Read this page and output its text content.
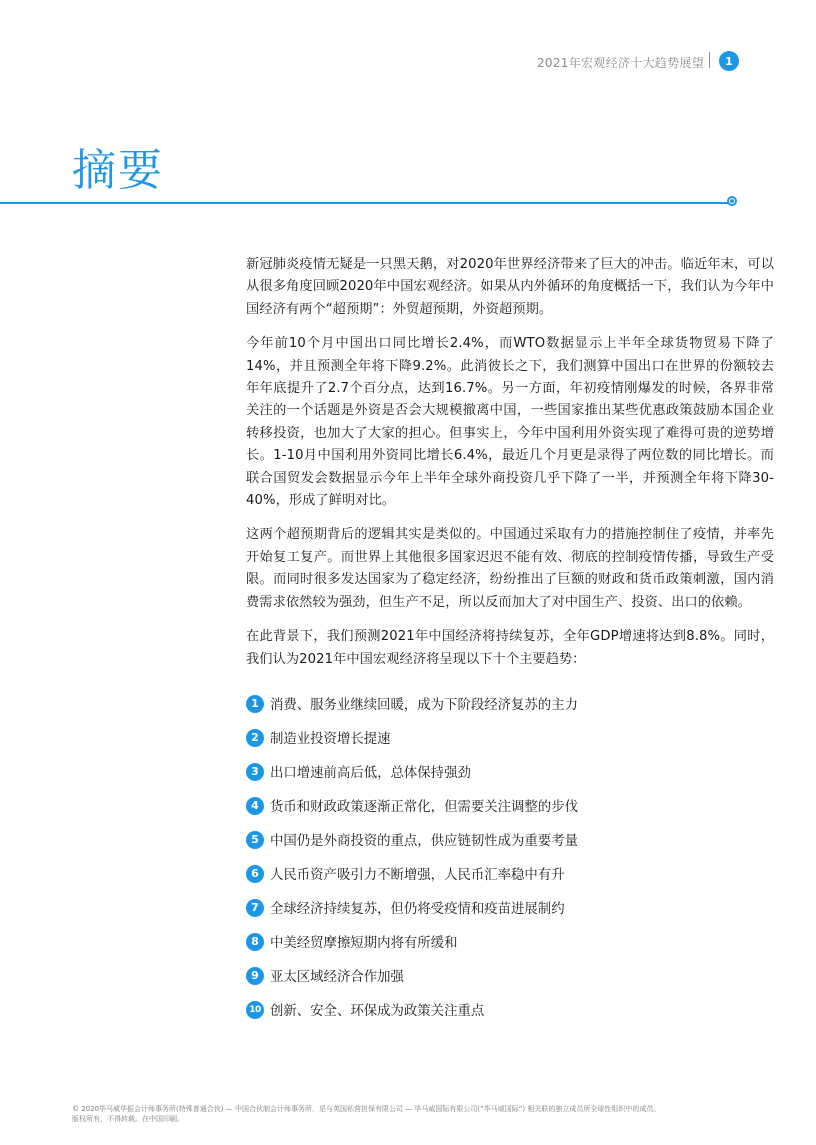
2021年宏观经济十大趋势展望	1
摘要

新冠肺炎疫情无疑是一只黑天鹅，对2020年世界经济带来了巨大的冲击。临近年末，可以从很多角度回顾2020年中国宏观经济。如果从内外循环的角度概括一下，我们认为今年中国经济有两个“超预期”：外贸超预期，外资超预期。

今年前10个月中国出口同比增长2.4%，而WTO数据显示上半年全球货物贸易下降了14%，并且预测全年将下降9.2%。此消彼长之下，我们测算中国出口在世界的份额较去年年底提升了2.7个百分点，达到16.7%。另一方面，年初疫情刚爆发的时候，各界非常关注的一个话题是外资是否会大规模撤离中国，一些国家推出某些优惠政策鼓励本国企业转移投资，也加大了大家的担心。但事实上，今年中国利用外资实现了难得可贵的逆势增长。1-10月中国利用外资同比增长6.4%，最近几个月更是录得了两位数的同比增长。而联合国贸发会数据显示今年上半年全球外商投资几乎下降了一半，并预测全年将下降30-40%，形成了鲜明对比。

这两个超预期背后的逻辑其实是类似的。中国通过采取有力的措施控制住了疫情，并率先开始复工复产。而世界上其他很多国家迟迟不能有效、彻底的控制疫情传播，导致生产受限。而同时很多发达国家为了稳定经济，纷纷推出了巨额的财政和货币政策刺激，国内消费需求依然较为强劲，但生产不足，所以反而加大了对中国生产、投资、出口的依赖。

在此背景下，我们预测2021年中国经济将持续复苏，全年GDP增速将达到8.8%。同时，我们认为2021年中国宏观经济将呈现以下十个主要趋势：

1 消费、服务业继续回暖，成为下阶段经济复苏的主力
2 制造业投资增长提速
3 出口增速前高后低，总体保持强劲
4 货币和财政政策逐渐正常化，但需要关注调整的步伐
5 中国仍是外商投资的重点，供应链韧性成为重要考量
6 人民币资产吸引力不断增强，人民币汇率稳中有升
7 全球经济持续复苏，但仍将受疫情和疫苗进展制约
8 中美经贸摩擦短期内将有所缓和
9 亚太区域经济合作加强
10 创新、安全、环保成为政策关注重点
© 2020毕马威华振会计师事务所(特殊普通合伙) — 中国合伙制会计师事务所，是与英国私营担保有限公司 — 毕马威国际有限公司(“毕马威国际”) 相关联的独立成员所全球性组织中的成员。
版权所有，不得转载。在中国印刷。
